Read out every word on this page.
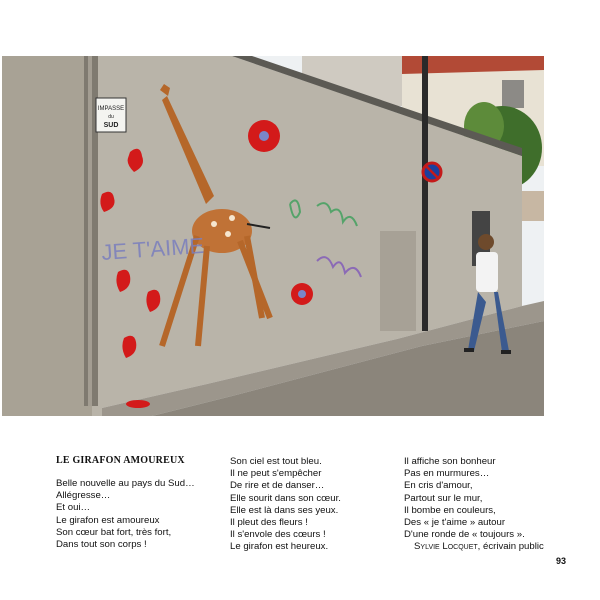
IMPASSE
du
SUD
JE T'AIME
LE GIRAFON AMOUREUX
Belle nouvelle au pays du Sud…
Allégresse…
Et oui…
Le girafon est amoureux
Son cœur bat fort, très fort,
Dans tout son corps !
Son ciel est tout bleu.
Il ne peut s'empêcher
De rire et de danser…
Elle sourit dans son cœur.
Elle est là dans ses yeux.
Il pleut des fleurs !
Il s'envole des cœurs !
Le girafon est heureux.
Il affiche son bonheur
Pas en murmures…
En cris d'amour,
Partout sur le mur,
Il bombe en couleurs,
Des « je t'aime » autour
D'une ronde de « toujours ».
Sylvie Locquet, écrivain public
93
